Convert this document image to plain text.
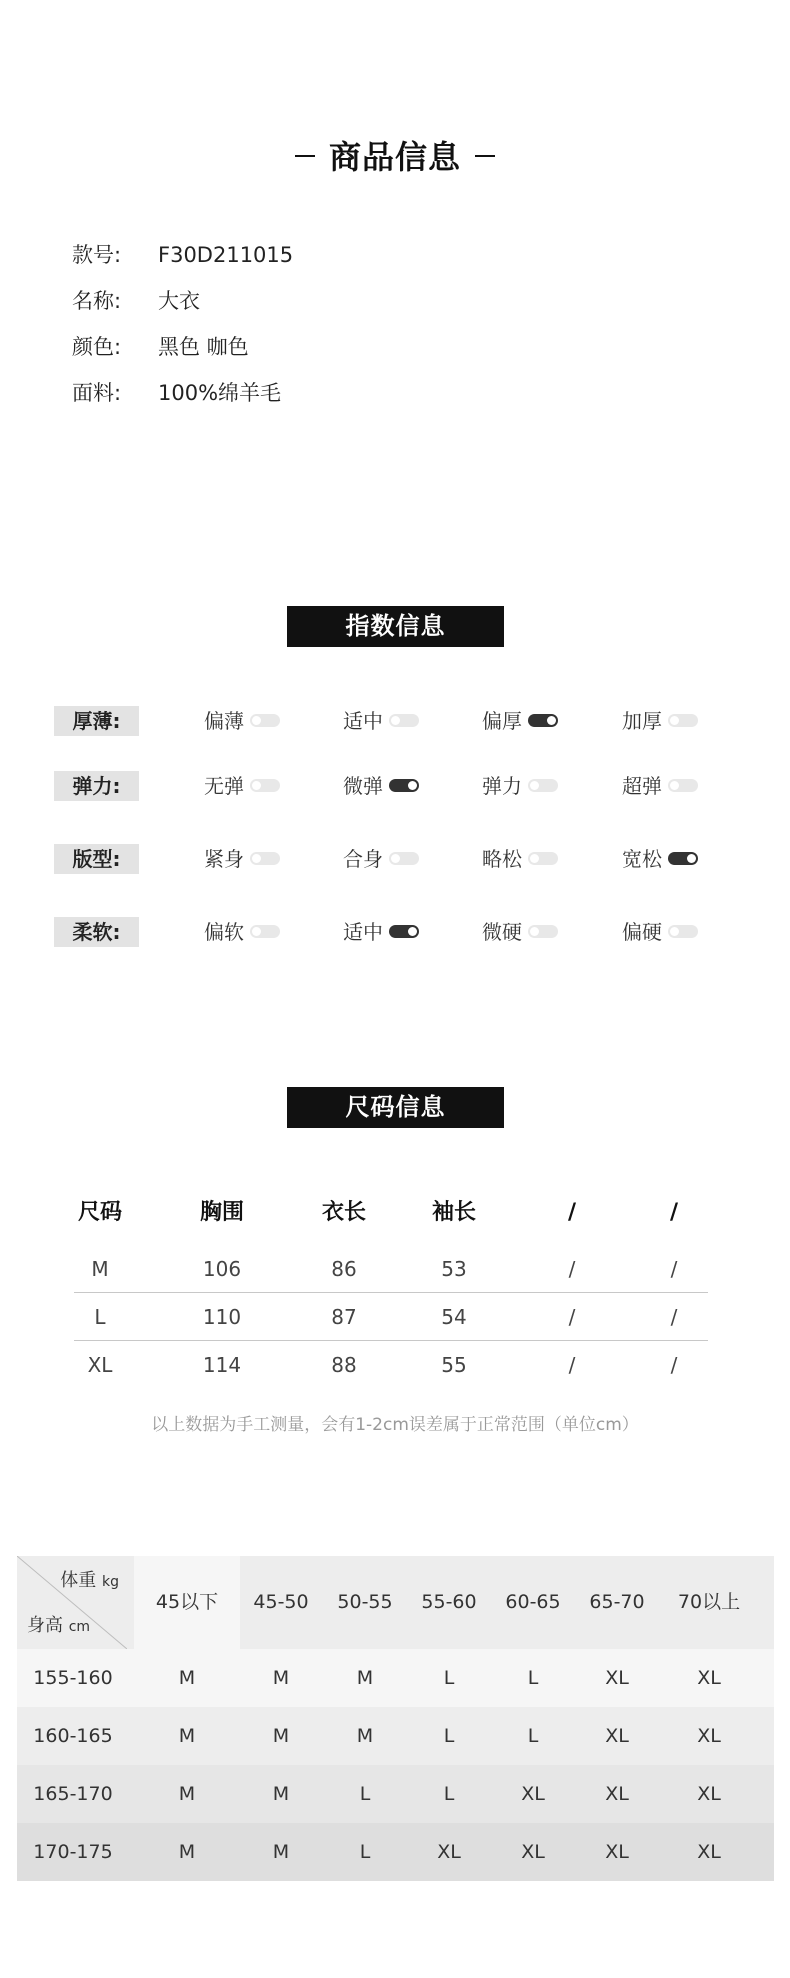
商品信息
款号: F30D211015
名称: 大衣
颜色: 黑色 咖色
面料: 100%绵羊毛
指数信息
厚薄:	偏薄	适中	偏厚	加厚
弹力:	无弹	微弹	弹力	超弹
版型:	紧身	合身	略松	宽松
柔软:	偏软	适中	微硬	偏硬
尺码信息
尺码	胸围	衣长	袖长	/	/
M	106	86	53	/	/
L	110	87	54	/	/
XL	114	88	55	/	/
以上数据为手工测量，会有1-2cm误差属于正常范围（单位cm）
体重 kg
身高 cm
45以下	45-50	50-55	55-60	60-65	65-70	70以上
155-160	M	M	M	L	L	XL	XL
160-165	M	M	M	L	L	XL	XL
165-170	M	M	L	L	XL	XL	XL
170-175	M	M	L	XL	XL	XL	XL
